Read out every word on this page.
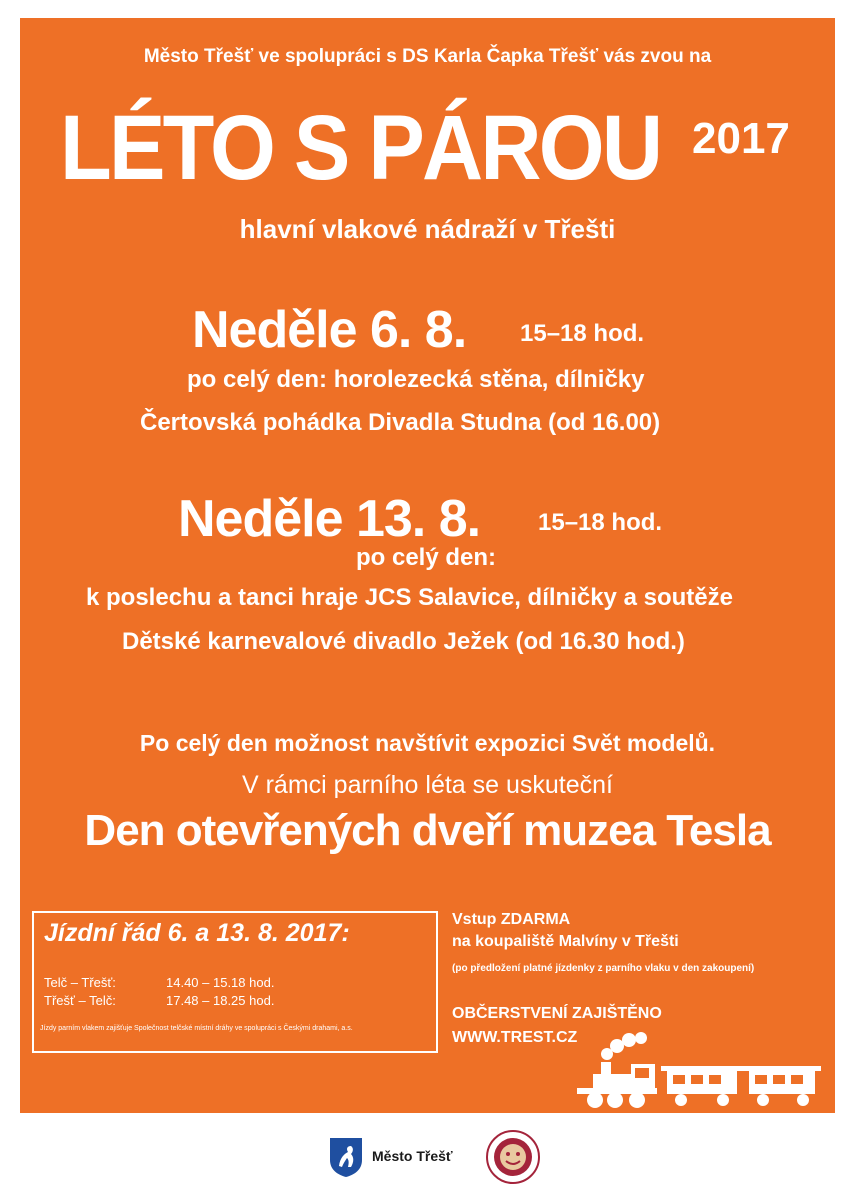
Město Třešť ve spolupráci s DS Karla Čapka Třešť vás zvou na
LÉTO S PÁROU 2017
hlavní vlakové nádraží v Třešti
Neděle 6. 8. 15–18 hod.
po celý den: horolezecká stěna, dílničky
Čertovská pohádka Divadla Studna (od 16.00)
Neděle 13. 8. 15–18 hod.
po celý den:
k poslechu a tanci hraje JCS Salavice, dílničky a soutěže
Dětské karnevalové divadlo Ježek (od 16.30 hod.)
Po celý den možnost navštívit expozici Svět modelů.
V rámci parního léta se uskuteční
Den otevřených dveří muzea Tesla
Jízdní řád 6. a 13. 8. 2017:
Telč – Třešť:	14.40 – 15.18 hod.
Třešť – Telč:	17.48 – 18.25 hod.
Jízdy parním vlakem zajišťuje Společnost telčské místní dráhy ve spolupráci s Českými drahami, a.s.
Vstup ZDARMA
na koupaliště Malvíny v Třešti
(po předložení platné jízdenky z parního vlaku v den zakoupení)
OBČERSTVENÍ ZAJIŠTĚNO
WWW.TREST.CZ
Město Třešť
